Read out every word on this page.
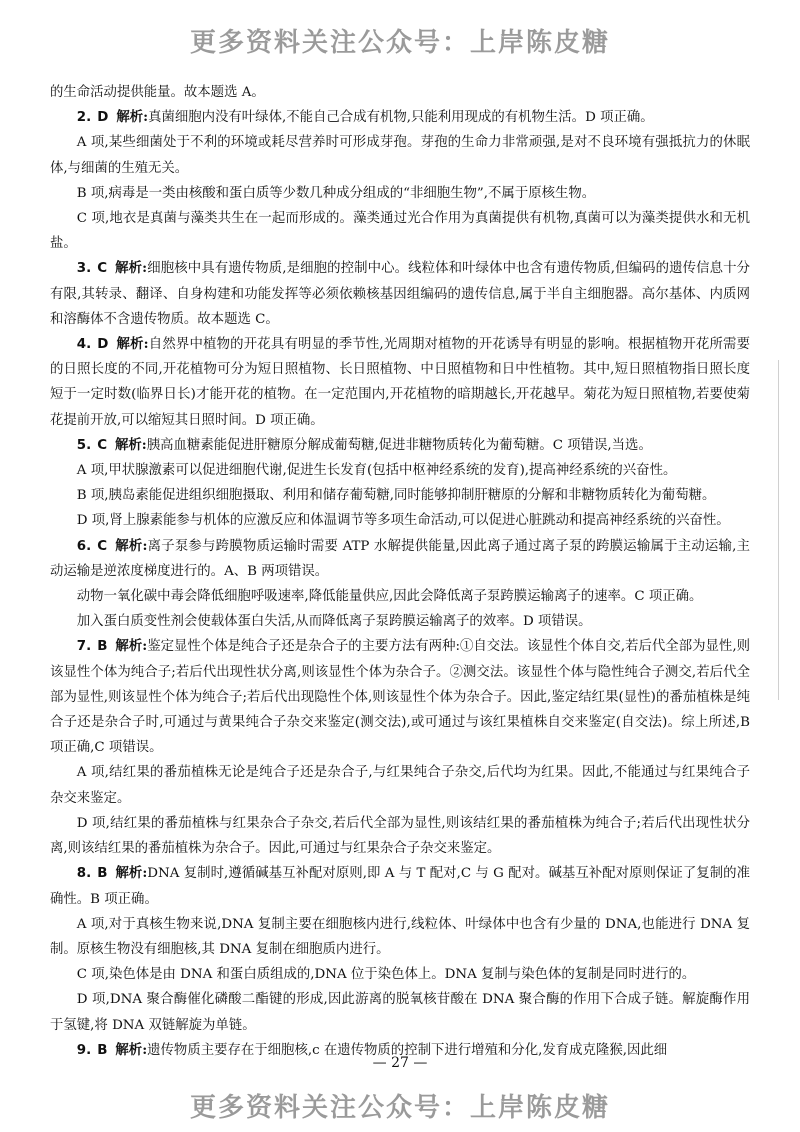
更多资料关注公众号：上岸陈皮糖

的生命活动提供能量。故本题选 A。

2. D 解析:真菌细胞内没有叶绿体,不能自己合成有机物,只能利用现成的有机物生活。D 项正确。

A 项,某些细菌处于不利的环境或耗尽营养时可形成芽孢。芽孢的生命力非常顽强,是对不良环境有强抵抗力的休眠体,与细菌的生殖无关。

B 项,病毒是一类由核酸和蛋白质等少数几种成分组成的“非细胞生物”,不属于原核生物。

C 项,地衣是真菌与藻类共生在一起而形成的。藻类通过光合作用为真菌提供有机物,真菌可以为藻类提供水和无机盐。

3. C 解析:细胞核中具有遗传物质,是细胞的控制中心。线粒体和叶绿体中也含有遗传物质,但编码的遗传信息十分有限,其转录、翻译、自身构建和功能发挥等必须依赖核基因组编码的遗传信息,属于半自主细胞器。高尔基体、内质网和溶酶体不含遗传物质。故本题选 C。

4. D 解析:自然界中植物的开花具有明显的季节性,光周期对植物的开花诱导有明显的影响。根据植物开花所需要的日照长度的不同,开花植物可分为短日照植物、长日照植物、中日照植物和日中性植物。其中,短日照植物指日照长度短于一定时数(临界日长)才能开花的植物。在一定范围内,开花植物的暗期越长,开花越早。菊花为短日照植物,若要使菊花提前开放,可以缩短其日照时间。D 项正确。

5. C 解析:胰高血糖素能促进肝糖原分解成葡萄糖,促进非糖物质转化为葡萄糖。C 项错误,当选。

A 项,甲状腺激素可以促进细胞代谢,促进生长发育(包括中枢神经系统的发育),提高神经系统的兴奋性。

B 项,胰岛素能促进组织细胞摄取、利用和储存葡萄糖,同时能够抑制肝糖原的分解和非糖物质转化为葡萄糖。

D 项,肾上腺素能参与机体的应激反应和体温调节等多项生命活动,可以促进心脏跳动和提高神经系统的兴奋性。

6. C 解析:离子泵参与跨膜物质运输时需要 ATP 水解提供能量,因此离子通过离子泵的跨膜运输属于主动运输,主动运输是逆浓度梯度进行的。A、B 两项错误。

动物一氧化碳中毒会降低细胞呼吸速率,降低能量供应,因此会降低离子泵跨膜运输离子的速率。C 项正确。

加入蛋白质变性剂会使载体蛋白失活,从而降低离子泵跨膜运输离子的效率。D 项错误。

7. B 解析:鉴定显性个体是纯合子还是杂合子的主要方法有两种:①自交法。该显性个体自交,若后代全部为显性,则该显性个体为纯合子;若后代出现性状分离,则该显性个体为杂合子。②测交法。该显性个体与隐性纯合子测交,若后代全部为显性,则该显性个体为纯合子;若后代出现隐性个体,则该显性个体为杂合子。因此,鉴定结红果(显性)的番茄植株是纯合子还是杂合子时,可通过与黄果纯合子杂交来鉴定(测交法),或可通过与该红果植株自交来鉴定(自交法)。综上所述,B 项正确,C 项错误。

A 项,结红果的番茄植株无论是纯合子还是杂合子,与红果纯合子杂交,后代均为红果。因此,不能通过与红果纯合子杂交来鉴定。

D 项,结红果的番茄植株与红果杂合子杂交,若后代全部为显性,则该结红果的番茄植株为纯合子;若后代出现性状分离,则该结红果的番茄植株为杂合子。因此,可通过与红果杂合子杂交来鉴定。

8. B 解析:DNA 复制时,遵循碱基互补配对原则,即 A 与 T 配对,C 与 G 配对。碱基互补配对原则保证了复制的准确性。B 项正确。

A 项,对于真核生物来说,DNA 复制主要在细胞核内进行,线粒体、叶绿体中也含有少量的 DNA,也能进行 DNA 复制。原核生物没有细胞核,其 DNA 复制在细胞质内进行。

C 项,染色体是由 DNA 和蛋白质组成的,DNA 位于染色体上。DNA 复制与染色体的复制是同时进行的。

D 项,DNA 聚合酶催化磷酸二酯键的形成,因此游离的脱氧核苷酸在 DNA 聚合酶的作用下合成子链。解旋酶作用于氢键,将 DNA 双链解旋为单链。

9. B 解析:遗传物质主要存在于细胞核,c 在遗传物质的控制下进行增殖和分化,发育成克隆猴,因此细

— 27 —
更多资料关注公众号：上岸陈皮糖
